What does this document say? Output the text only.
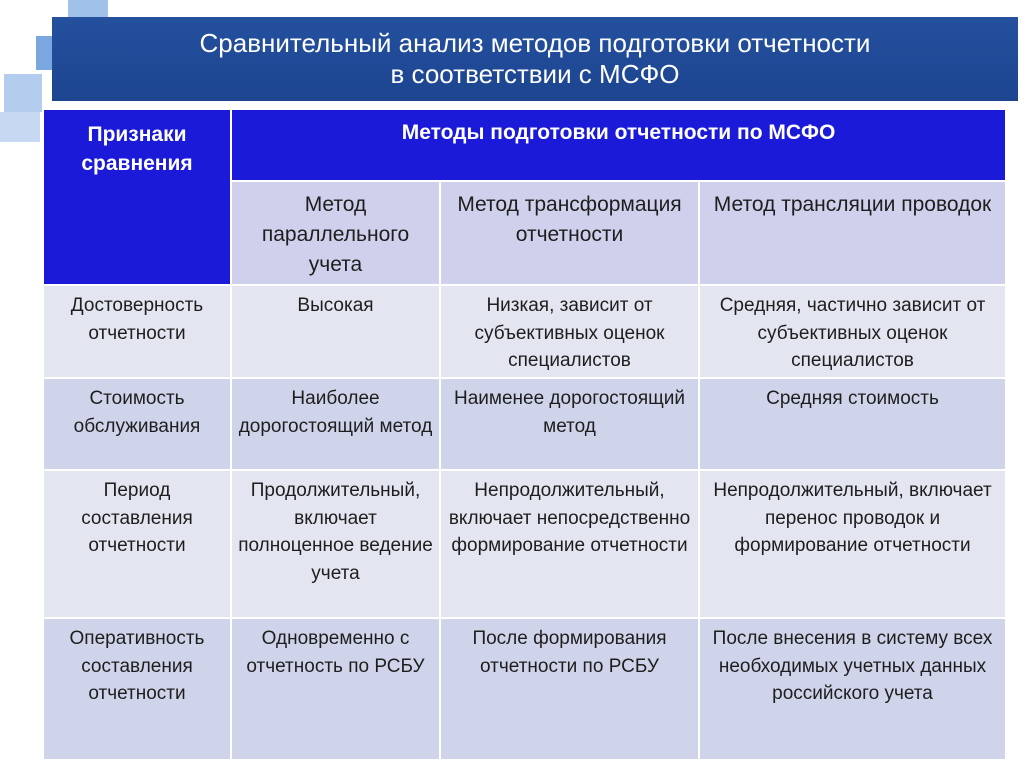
Сравнительный анализ методов подготовки отчетности
в соответствии с МСФО
Признаки сравнения	Методы подготовки отчетности по МСФО		
	Метод параллельного учета	Метод трансформация отчетности	Метод трансляции проводок
Достоверность отчетности	Высокая	Низкая, зависит от субъективных оценок специалистов	Средняя, частично зависит от субъективных оценок специалистов
Стоимость обслуживания	Наиболее дорогостоящий метод	Наименее дорогостоящий метод	Средняя стоимость
Период составления отчетности	Продолжительный, включает полноценное ведение учета	Непродолжительный, включает непосредственно формирование отчетности	Непродолжительный, включает перенос проводок и формирование отчетности
Оперативность составления отчетности	Одновременно с отчетность по РСБУ	После формирования отчетности по РСБУ	После внесения в систему всех необходимых учетных данных российского учета
